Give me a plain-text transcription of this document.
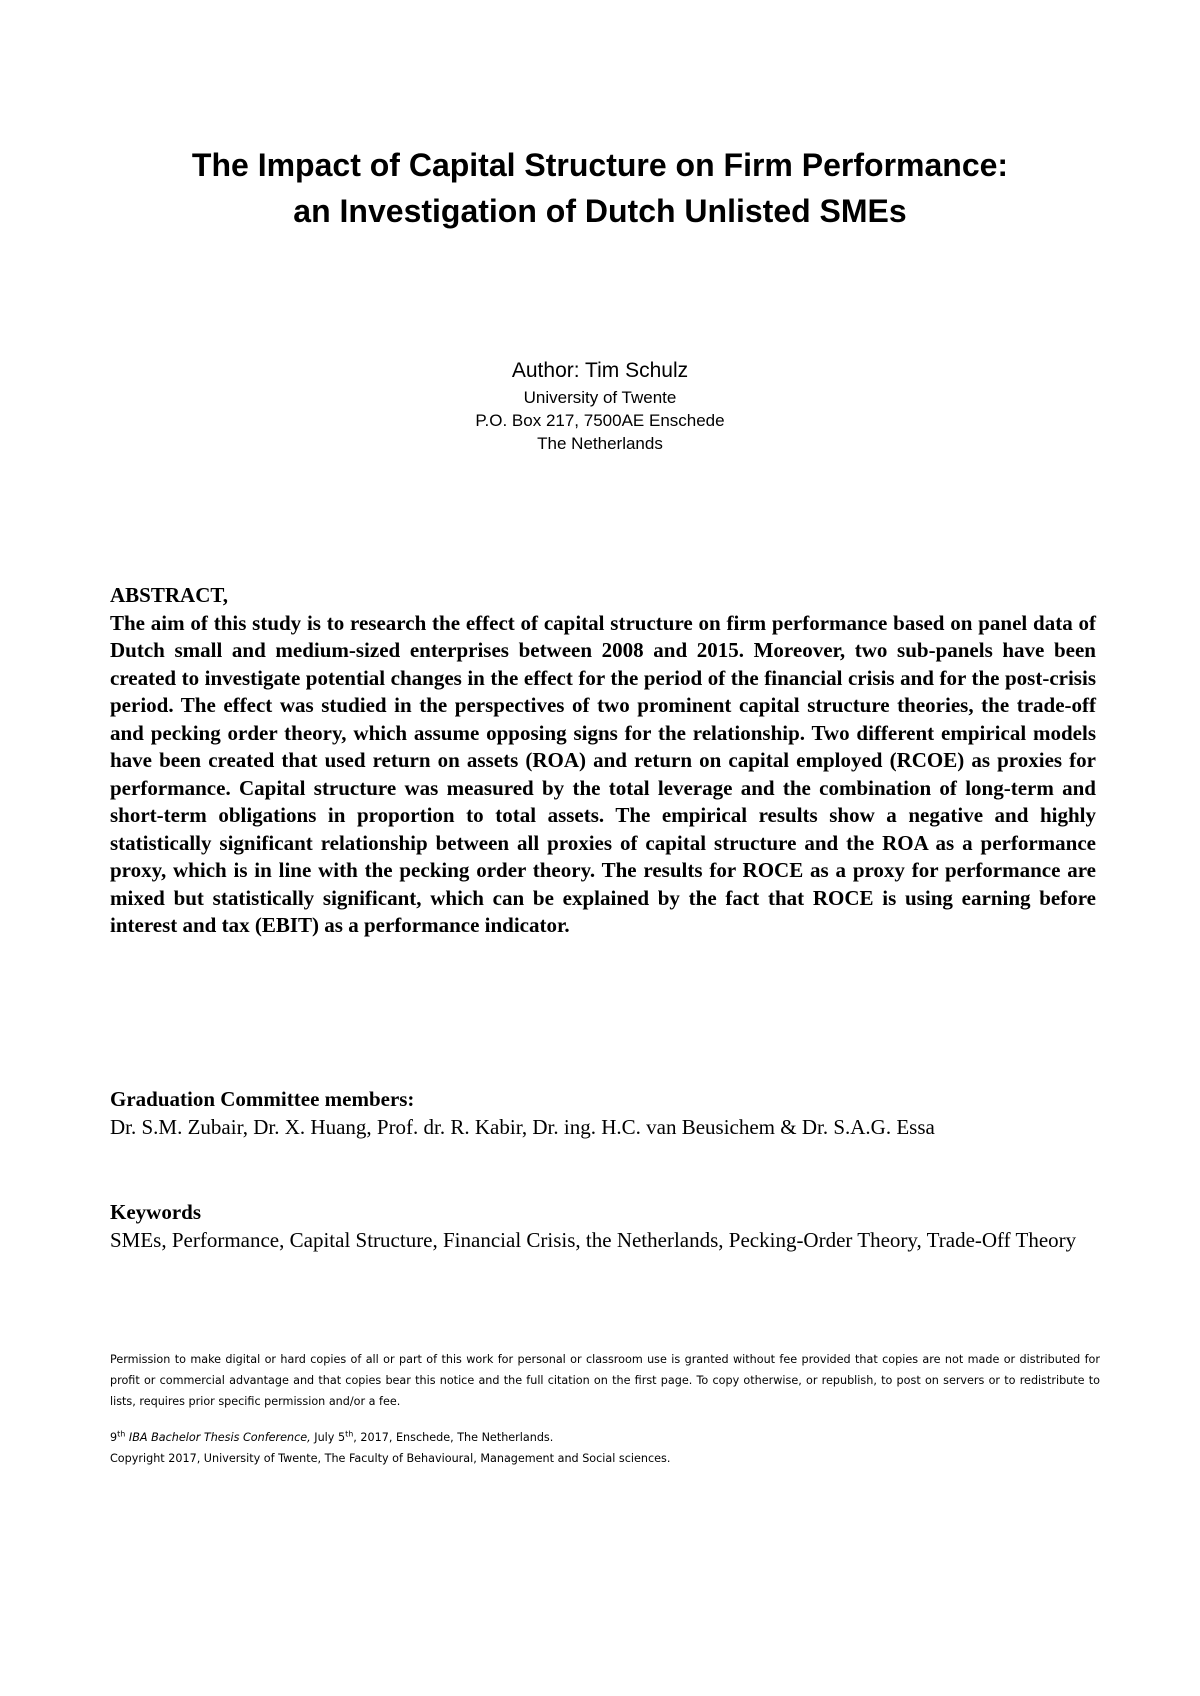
The Impact of Capital Structure on Firm Performance:
an Investigation of Dutch Unlisted SMEs
Author: Tim Schulz
University of Twente
P.O. Box 217, 7500AE Enschede
The Netherlands
ABSTRACT,
The aim of this study is to research the effect of capital structure on firm performance based on panel data of Dutch small and medium-sized enterprises between 2008 and 2015. Moreover, two sub-panels have been created to investigate potential changes in the effect for the period of the financial crisis and for the post-crisis period. The effect was studied in the perspectives of two prominent capital structure theories, the trade-off and pecking order theory, which assume opposing signs for the relationship. Two different empirical models have been created that used return on assets (ROA) and return on capital employed (RCOE) as proxies for performance. Capital structure was measured by the total leverage and the combination of long-term and short-term obligations in proportion to total assets. The empirical results show a negative and highly statistically significant relationship between all proxies of capital structure and the ROA as a performance proxy, which is in line with the pecking order theory. The results for ROCE as a proxy for performance are mixed but statistically significant, which can be explained by the fact that ROCE is using earning before interest and tax (EBIT) as a performance indicator.
Graduation Committee members:
Dr. S.M. Zubair, Dr. X. Huang, Prof. dr. R. Kabir, Dr. ing. H.C. van Beusichem & Dr. S.A.G. Essa
Keywords
SMEs, Performance, Capital Structure, Financial Crisis, the Netherlands, Pecking-Order Theory, Trade-Off Theory

Permission to make digital or hard copies of all or part of this work for personal or classroom use is granted without fee provided that copies are not made or distributed for profit or commercial advantage and that copies bear this notice and the full citation on the first page. To copy otherwise, or republish, to post on servers or to redistribute to lists, requires prior specific permission and/or a fee.

9th IBA Bachelor Thesis Conference, July 5th, 2017, Enschede, The Netherlands.
Copyright 2017, University of Twente, The Faculty of Behavioural, Management and Social sciences.
